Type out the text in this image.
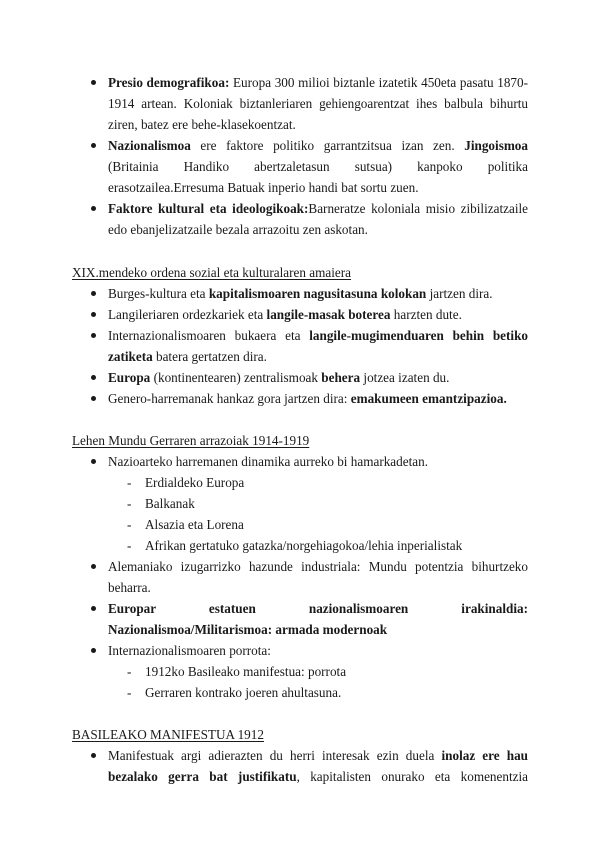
Presio demografikoa: Europa 300 milioi biztanle izatetik 450eta pasatu 1870-1914 artean. Koloniak biztanleriaren gehiengoarentzat ihes balbula bihurtu ziren, batez ere behe-klasekoentzat.
Nazionalismoa ere faktore politiko garrantzitsua izan zen. Jingoismoa (Britainia Handiko abertzaletasun sutsua) kanpoko politika erasotzailea.Erresuma Batuak inperio handi bat sortu zuen.
Faktore kultural eta ideologikoak:Barneratze koloniala misio zibilizatzaile edo ebanjelizatzaile bezala arrazoitu zen askotan.
XIX.mendeko ordena sozial eta kulturalaren amaiera
Burges-kultura eta kapitalismoaren nagusitasuna kolokan jartzen dira.
Langileriaren ordezkariek eta langile-masak boterea harzten dute.
Internazionalismoaren bukaera eta langile-mugimenduaren behin betiko zatiketa batera gertatzen dira.
Europa (kontinentearen) zentralismoak behera jotzea izaten du.
Genero-harremanak hankaz gora jartzen dira: emakumeen emantzipazioa.
Lehen Mundu Gerraren arrazoiak 1914-1919
Nazioarteko harremanen dinamika aurreko bi hamarkadetan.
- Erdialdeko Europa
- Balkanak
- Alsazia eta Lorena
- Afrikan gertatuko gatazka/norgehiagokoa/lehia inperialistak
Alemaniako izugarrizko hazunde industriala: Mundu potentzia bihurtzeko beharra.
Europar estatuen nazionalismoaren irakinaldia: Nazionalismoa/Militarismoa: armada modernoak
Internazionalismoaren porrota:
- 1912ko Basileako manifestua: porrota
- Gerraren kontrako joeren ahultasuna.
BASILEAKO MANIFESTUA 1912
Manifestuak argi adierazten du herri interesak ezin duela inolaz ere hau bezalako gerra bat justifikatu, kapitalisten onurako eta komenentzia
